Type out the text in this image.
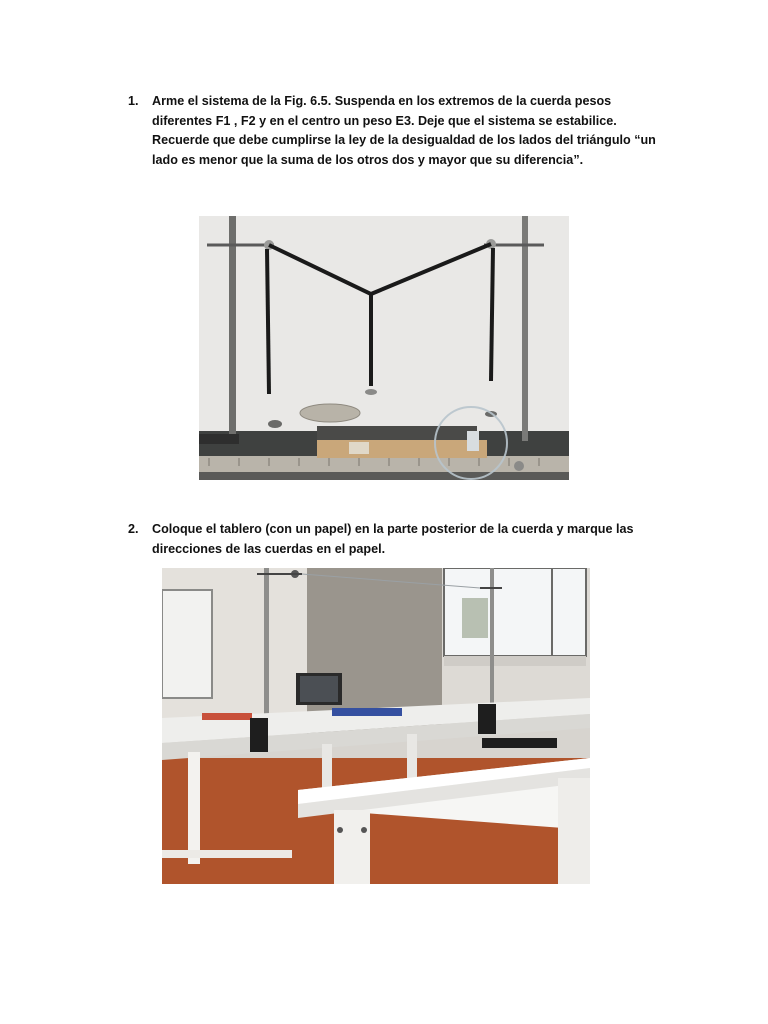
1.	Arme el sistema de la Fig. 6.5. Suspenda en los extremos de la cuerda pesos diferentes F1 , F2 y en el centro un peso E3. Deje que el sistema se estabilice. Recuerde que debe cumplirse la ley de la desigualdad de los lados del triángulo “un lado es menor que la suma de los otros dos y mayor que su diferencia”.
2.	Coloque el tablero (con un papel) en la parte posterior de la cuerda y marque las direcciones de las cuerdas en el papel.
